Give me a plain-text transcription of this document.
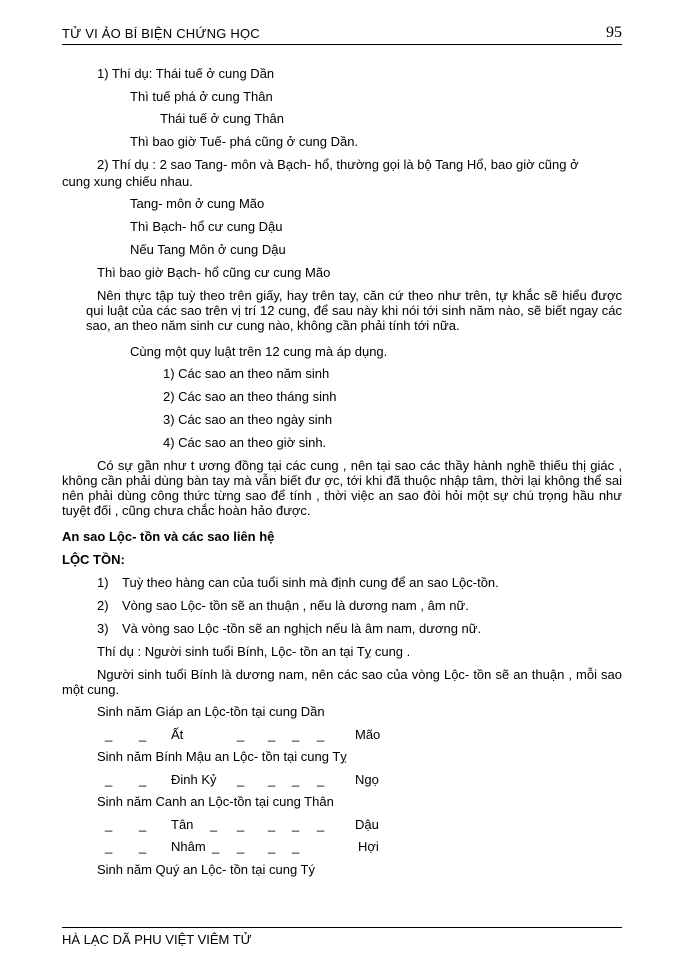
TỬ VI ẢO BÍ BIỆN CHỨNG HỌC	95
1) Thí dụ: Thái tuế ở cung Dần
Thì tuế phá ở cung Thân
Thái tuế ở cung Thân
Thì bao giờ Tuế- phá cũng ở cung Dần.
2) Thí dụ : 2 sao Tang- môn và Bạch- hổ, thường gọi là bộ Tang Hổ, bao giờ cũng ở
cung xung chiếu nhau.
Tang- môn ở cung Mão
Thì Bạch- hổ cư cung Dậu
Nếu Tang Môn ở cung Dậu
Thì bao giờ Bạch- hổ cũng cư cung Mão
Nên thực tập tuỳ theo trên giấy, hay trên tay, căn cứ theo như trên, tự khắc sẽ hiểu được qui luật của các sao trên vị trí 12 cung, để sau này khi nói tới sinh năm nào, sẽ biết ngay các sao, an theo năm sinh cư cung nào, không cần phải tính tới nữa.
Cùng một quy luật trên 12 cung mà áp dụng.
1) Các sao an theo năm sinh
2) Các sao an theo tháng sinh
3) Các sao an theo ngày sinh
4) Các sao an theo giờ sinh.
Có sự gần như t ương đồng tại các cung , nên tại sao các thầy hành nghề thiếu thị giác , không cần phải dùng bàn tay mà vẫn biết đư ợc, tới khi đã thuộc nhập tâm, thời lại không thể sai nên phải dùng công thức từng sao để tính , thời việc an sao đòi hỏi một sự chú trọng hầu như tuyệt đối , cũng chưa chắc hoàn hảo được.
An sao Lộc- tồn và các sao liên hệ
LỘC TỒN:
1) Tuỳ theo hàng can của tuổi sinh mà định cung để an sao Lộc-tồn.
2) Vòng sao Lộc- tồn sẽ an thuận , nếu là dương nam , âm nữ.
3) Và vòng sao Lộc -tồn sẽ an nghịch nếu là âm nam, dương nữ.
Thí dụ : Người sinh tuổi Bính, Lộc- tồn an tại Tỵ cung .
Người sinh tuổi Bính là dương nam, nên các sao của vòng Lộc- tồn sẽ an thuận , mỗi sao một cung.
Sinh năm Giáp an Lộc-tồn tại cung Dần
_ _ Ất	_ _ _ _ Mão
Sinh năm Bính Mậu an Lộc- tồn tại cung Tỵ
_ _ Đinh Kỷ _ _ _ _ Ngọ
Sinh năm Canh an Lộc-tồn tại cung Thân
_ _ Tân _ _ _ _ _ Dậu
_ _ Nhâm _ _ _ _	Hợi
Sinh năm Quý an Lộc- tồn tại cung Tý
HÀ LẠC DÃ PHU VIỆT VIÊM TỬ
